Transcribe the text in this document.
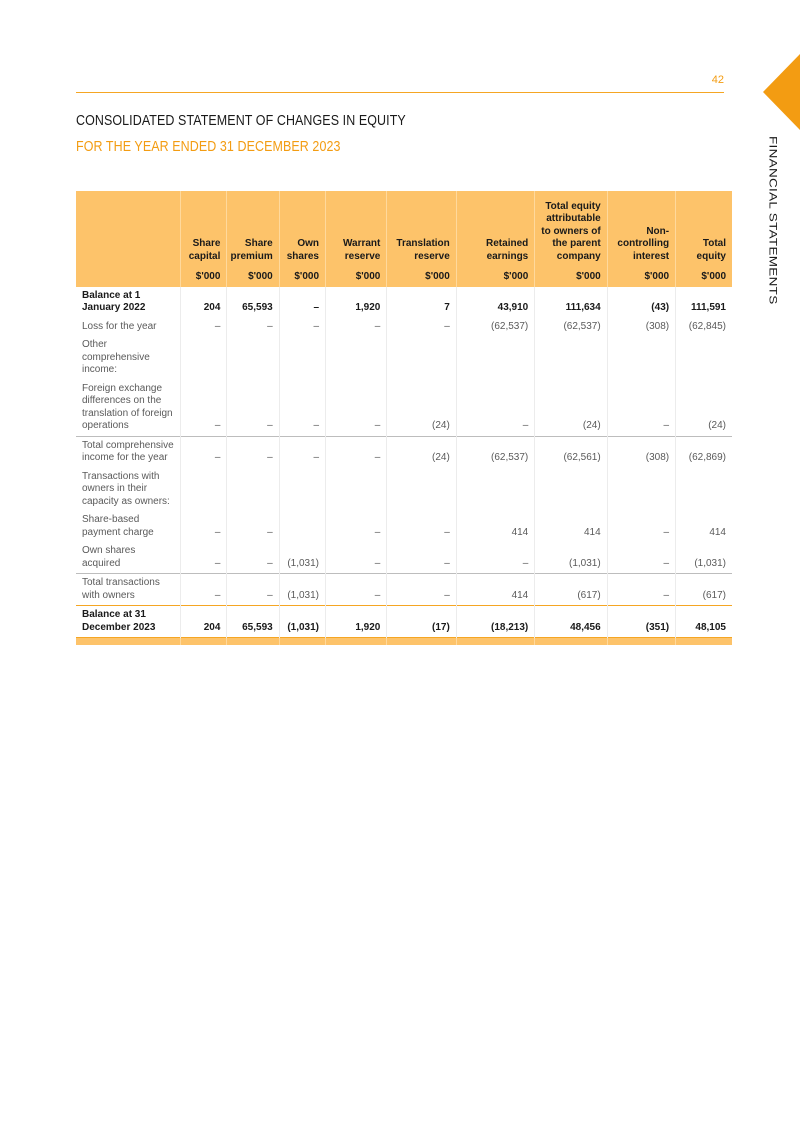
42
FINANCIAL STATEMENTS
CONSOLIDATED STATEMENT OF CHANGES IN EQUITY
FOR THE YEAR ENDED 31 DECEMBER 2023
	Share capital	Share premium	Own shares	Warrant reserve	Translation reserve	Retained earnings	Total equity attributable to owners of the parent company	Non-controlling interest	Total equity
	$'000	$'000	$'000	$'000	$'000	$'000	$'000	$'000	$'000
Balance at 1 January 2022	204	65,593	–	1,920	7	43,910	111,634	(43)	111,591
Loss for the year	–	–	–	–	–	(62,537)	(62,537)	(308)	(62,845)
Other comprehensive income:									
Foreign exchange differences on the translation of foreign operations	–	–	–	–	(24)	–	(24)	–	(24)
Total comprehensive income for the year	–	–	–	–	(24)	(62,537)	(62,561)	(308)	(62,869)
Transactions with owners in their capacity as owners:									
Share-based payment charge	–	–		–	–	414	414	–	414
Own shares acquired	–	–	(1,031)	–	–	–	(1,031)	–	(1,031)
Total transactions with owners	–	–	(1,031)	–	–	414	(617)	–	(617)
Balance at 31 December 2023	204	65,593	(1,031)	1,920	(17)	(18,213)	48,456	(351)	48,105
